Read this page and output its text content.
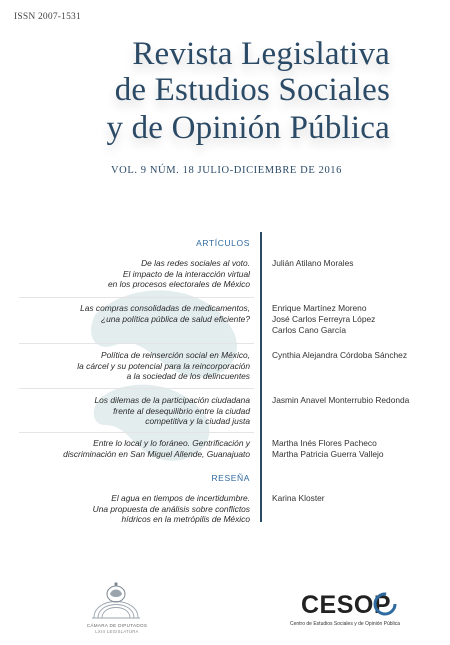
ISSN 2007-1531
Revista Legislativa
de Estudios Sociales
y de Opinión Pública
VOL. 9 NÚM. 18 JULIO-DICIEMBRE DE 2016
ARTÍCULOS
De las redes sociales al voto.
El impacto de la interacción virtual
en los procesos electorales de México
Julián Atilano Morales
Las compras consolidadas de medicamentos,
¿una política pública de salud eficiente?
Enrique Martínez Moreno
José Carlos Ferreyra López
Carlos Cano García
Política de reinserción social en México,
la cárcel y su potencial para la reincorporación
a la sociedad de los delincuentes
Cynthia Alejandra Córdoba Sánchez
Los dilemas de la participación ciudadana
frente al desequilibrio entre la ciudad
competitiva y la ciudad justa
Jasmin Anavel Monterrubio Redonda
Entre lo local y lo foráneo. Gentrificación y
discriminación en San Miguel Allende, Guanajuato
Martha Inés Flores Pacheco
Martha Patricia Guerra Vallejo
RESEÑA
El agua en tiempos de incertidumbre.
Una propuesta de análisis sobre conflictos
hídricos en la metrópilis de México
Karina Kloster
CÁMARA DE DIPUTADOS
LXIII LEGISLATURA
CESOP
Centro de Estudios Sociales y de Opinión Pública
